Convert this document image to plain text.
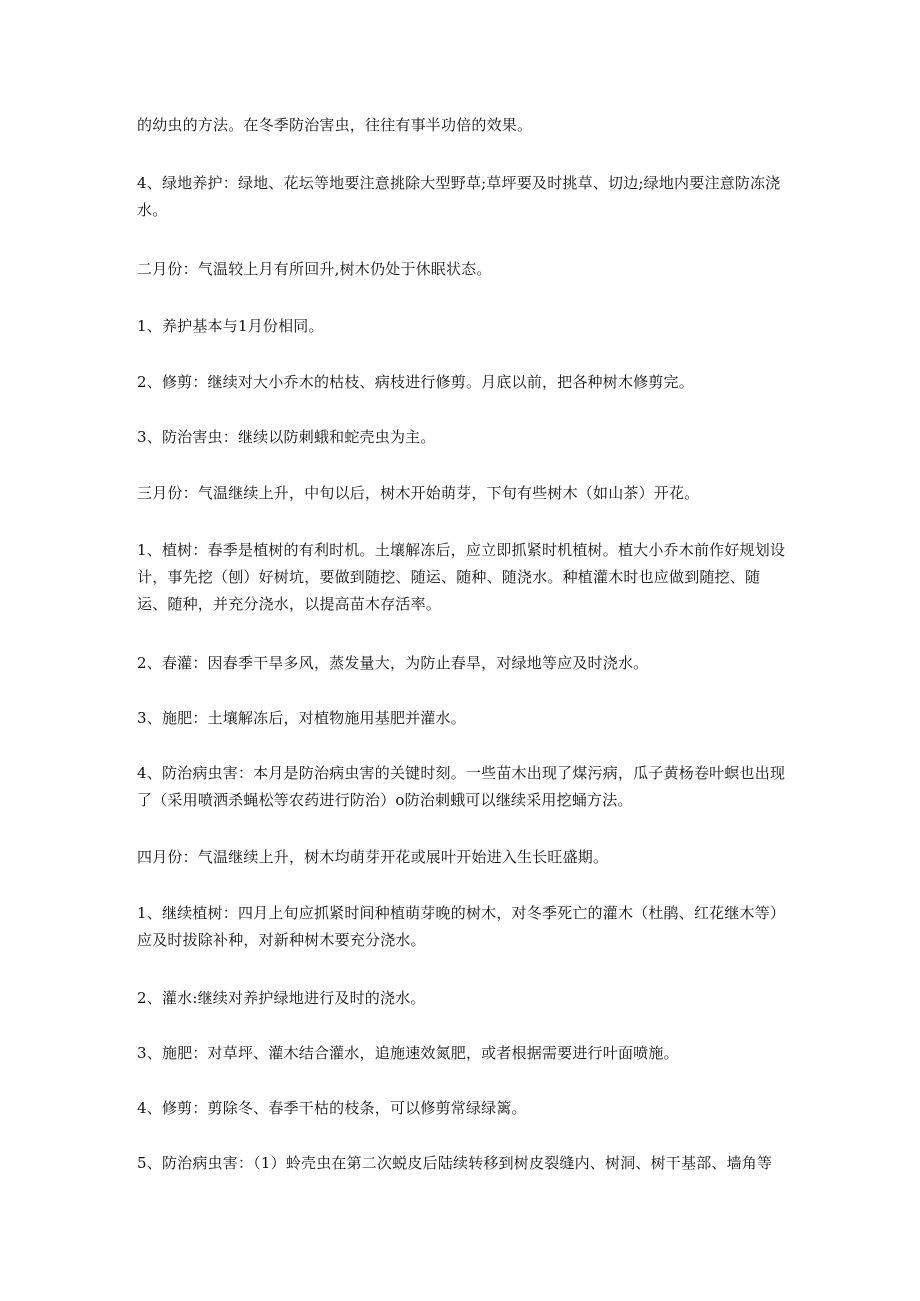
的幼虫的方法。在冬季防治害虫，往往有事半功倍的效果。

4、绿地养护：绿地、花坛等地要注意挑除大型野草;草坪要及时挑草、切边;绿地内要注意防冻浇水。

二月份：气温较上月有所回升,树木仍处于休眠状态。

1、养护基本与1月份相同。

2、修剪：继续对大小乔木的枯枝、病枝进行修剪。月底以前，把各种树木修剪完。

3、防治害虫：继续以防刺蛾和蛇壳虫为主。

三月份：气温继续上升，中旬以后，树木开始萌芽，下旬有些树木（如山茶）开花。

1、植树：春季是植树的有利时机。土壤解冻后，应立即抓紧时机植树。植大小乔木前作好规划设计，事先挖（刨）好树坑，要做到随挖、随运、随种、随浇水。种植灌木时也应做到随挖、随运、随种，并充分浇水，以提高苗木存活率。

2、春灌：因春季干旱多风，蒸发量大，为防止春旱，对绿地等应及时浇水。

3、施肥：土壤解冻后，对植物施用基肥并灌水。

4、防治病虫害：本月是防治病虫害的关键时刻。一些苗木出现了煤污病，瓜子黄杨卷叶螟也出现了（采用喷洒杀蝇松等农药进行防治）o防治刺蛾可以继续采用挖蛹方法。

四月份：气温继续上升，树木均萌芽开花或展叶开始进入生长旺盛期。

1、继续植树：四月上旬应抓紧时间种植萌芽晚的树木，对冬季死亡的灌木（杜鹃、红花继木等）应及时拔除补种，对新种树木要充分浇水。

2、灌水:继续对养护绿地进行及时的浇水。

3、施肥：对草坪、灌木结合灌水，追施速效氮肥，或者根据需要进行叶面喷施。

4、修剪：剪除冬、春季干枯的枝条，可以修剪常绿绿篱。

5、防治病虫害：（1）蛉壳虫在第二次蜕皮后陆续转移到树皮裂缝内、树洞、树干基部、墙角等
